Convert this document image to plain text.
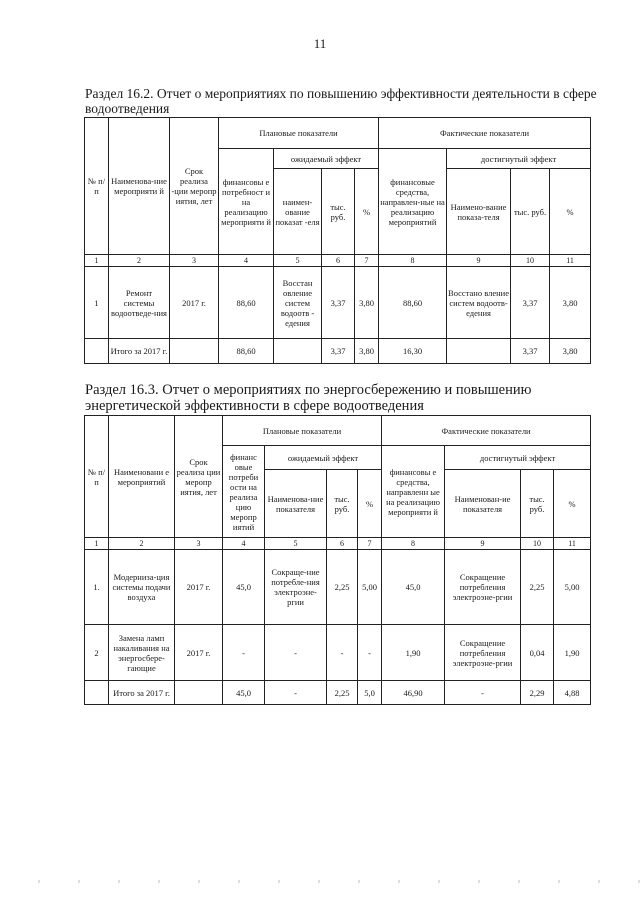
11
Раздел 16.2. Отчет о мероприятиях по повышению эффективности деятельности в сфере водоотведения
№ п/п	Наименова-ние мероприяти й	Срок реализа -ции меропр иятия, лет	Плановые показатели				Фактические показатели			
			финансовы е потребност и на реализацию мероприяти й	ожидаемый эффект			финансовые средства, направлен-ные на реализацию мероприятий	достигнутый эффект		
				наимен-ование показат -еля	тыс. руб.	%		Наимено-вание показа-теля	тыс. руб.	%
1	2	3	4	5	6	7	8	9	10	11
1	Ремонт системы водоотведе-ния	2017 г.	88,60	Восстан овление систем водоотв - едения	3,37	3,80	88,60	Восстано вление систем водоотв-едения	3,37	3,80
	Итого за 2017 г.		88,60		3,37	3,80	16,30		3,37	3,80
Раздел 16.3. Отчет о мероприятиях по энергосбережению и повышению энергетической эффективности в сфере водоотведения
№ п/п	Наименовани е мероприятий	Срок реализа ции меропр иятия, лет	Плановые показатели				Фактические показатели			
			финанс овые потреби ости на реализа цию меропр иятий	ожидаемый эффект			финансовы е средства, направленн ые на реализацию мероприяти й	достигнутый эффект		
				Наименова-ние показателя	тыс. руб.	%		Наименован-ие показателя	тыс. руб.	%
1	2	3	4	5	6	7	8	9	10	11
1.	Модерниза-ция системы подачи воздуха	2017 г.	45,0	Сокраще-ние потребле-ния электроэне-ргии	2,25	5,00	45,0	Сокращение потребления электроэне-ргии	2,25	5,00
2	Замена ламп накаливания на энергосбере-гающие	2017 г.	-	-	-	-	1,90	Сокращение потребления электроэне-ргии	0,04	1,90
	Итого за 2017 г.		45,0	-	2,25	5,0	46,90	-	2,29	4,88
